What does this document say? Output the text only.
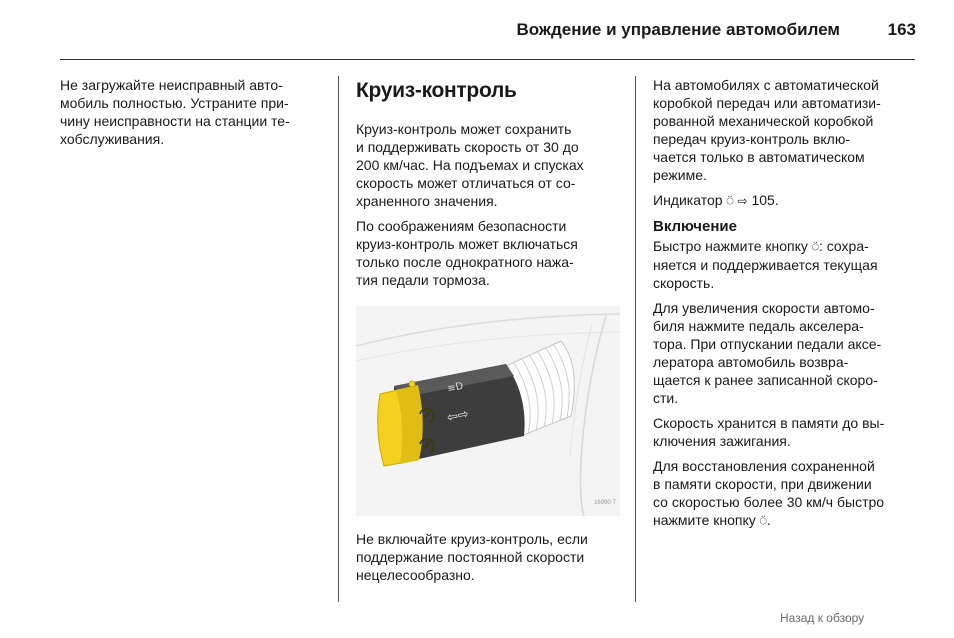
Вождение и управление автомобилем	163

Не загружайте неисправный авто-
мобиль полностью. Устраните при-
чину неисправности на станции те-
хобслуживания.

Круиз-контроль

Круиз-контроль может сохранить
и поддерживать скорость от 30 до
200 км/час. На подъемах и спусках
скорость может отличаться от со-
храненного значения.

По соображениям безопасности
круиз-контроль может включаться
только после однократного нажа-
тия педали тормоза.

≡D
⇦⇨
16990 T

Не включайте круиз-контроль, если
поддержание постоянной скорости
нецелесообразно.

На автомобилях с автоматической
коробкой передач или автоматизи-
рованной механической коробкой
передач круиз-контроль вклю-
чается только в автоматическом
режиме.

Индикатор ⍥ ⇨ 105.

Включение

Быстро нажмите кнопку ⍥: сохра-
няется и поддерживается текущая
скорость.

Для увеличения скорости автомо-
биля нажмите педаль акселера-
тора. При отпускании педали аксе-
лератора автомобиль возвра-
щается к ранее записанной скоро-
сти.

Скорость хранится в памяти до вы-
ключения зажигания.

Для восстановления сохраненной
в памяти скорости, при движении
со скоростью более 30 км/ч быстро
нажмите кнопку ⍥.

Назад к обзору
